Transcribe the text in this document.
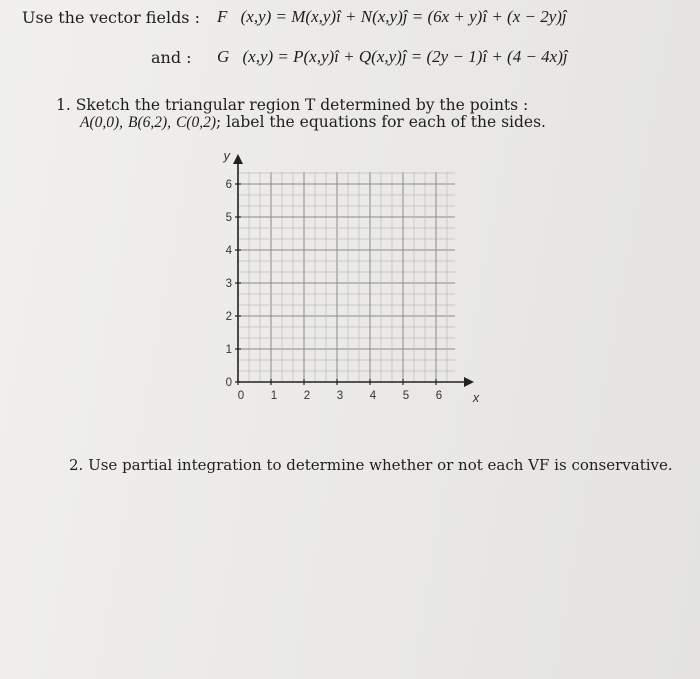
Use the vector fields : F⃗(x,y) = M(x,y)î + N(x,y)ĵ = (6x + y)î + (x − 2y)ĵ
and : G⃗(x,y) = P(x,y)î + Q(x,y)ĵ = (2y − 1)î + (4 − 4x)ĵ
1. Sketch the triangular region T determined by the points :
A(0,0), B(6,2), C(0,2); label the equations for each of the sides.
y
x
0 1 2 3 4 5 6
0
1
2
3
4
5
6
2. Use partial integration to determine whether or not each VF is conservative.
